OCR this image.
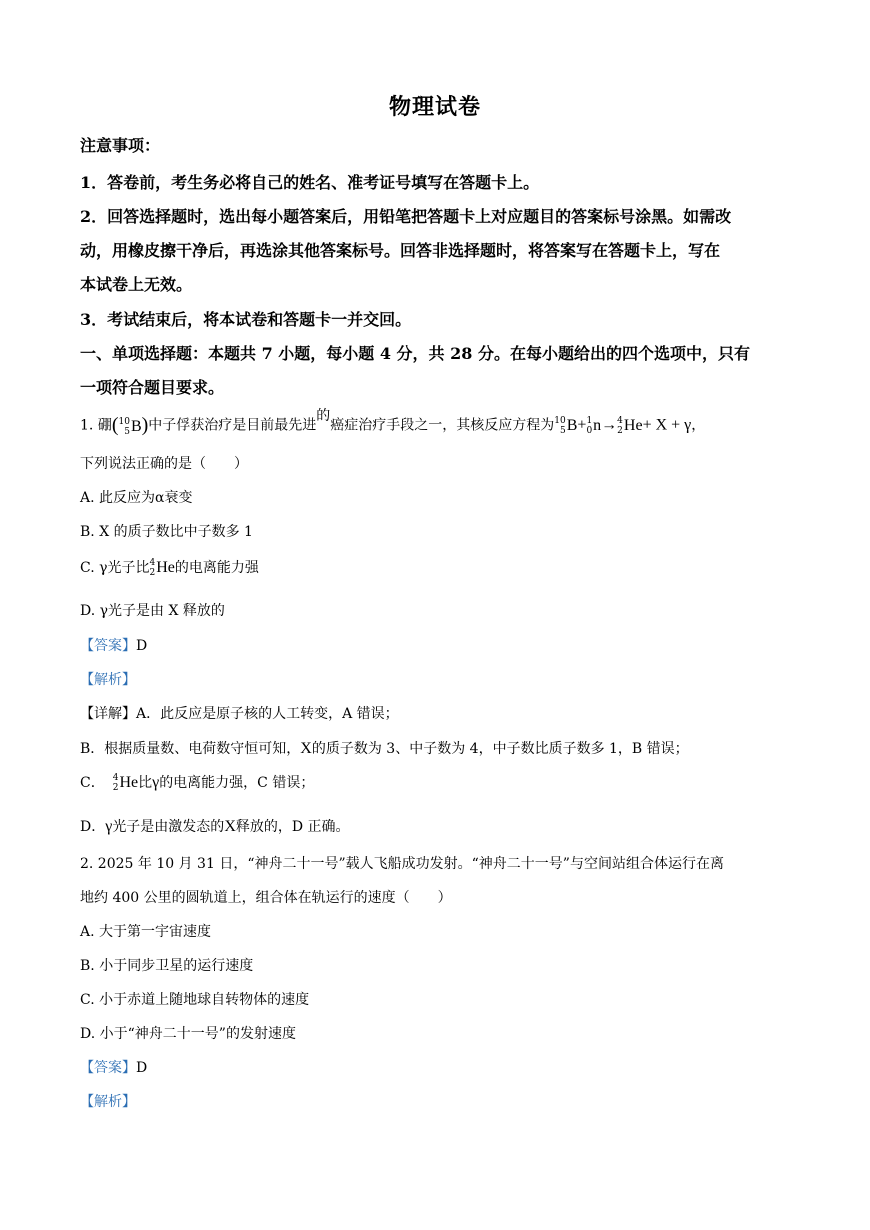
物理试卷
注意事项：
1．答卷前，考生务必将自己的姓名、准考证号填写在答题卡上。
2．回答选择题时，选出每小题答案后，用铅笔把答题卡上对应题目的答案标号涂黑。如需改
动，用橡皮擦干净后，再选涂其他答案标号。回答非选择题时，将答案写在答题卡上，写在
本试卷上无效。
3．考试结束后，将本试卷和答题卡一并交回。
一、单项选择题：本题共 7 小题，每小题 4 分，共 28 分。在每小题给出的四个选项中，只有
一项符合题目要求。
1. 硼( 10
5 B)中子俘获治疗是目前最先进的癌症治疗手段之一，其核反应方程为 10
5 B+ 1
0 n→ 4
2 He+ X + γ，
下列说法正确的是（　　）
A. 此反应为α衰变
B. X 的质子数比中子数多 1
C. γ光子比 4
2 He的电离能力强
D. γ光子是由 X 释放的
【答案】D
【解析】
【详解】A．此反应是原子核的人工转变，A 错误；
B．根据质量数、电荷数守恒可知，X的质子数为 3、中子数为 4，中子数比质子数多 1，B 错误；
C． 4
2 He比γ的电离能力强，C 错误；
D．γ光子是由激发态的X释放的，D 正确。
2. 2025 年 10 月 31 日，“神舟二十一号”载人飞船成功发射。“神舟二十一号”与空间站组合体运行在离
地约 400 公里的圆轨道上，组合体在轨运行的速度（　　）
A. 大于第一宇宙速度
B. 小于同步卫星的运行速度
C. 小于赤道上随地球自转物体的速度
D. 小于“神舟二十一号”的发射速度
【答案】D
【解析】
